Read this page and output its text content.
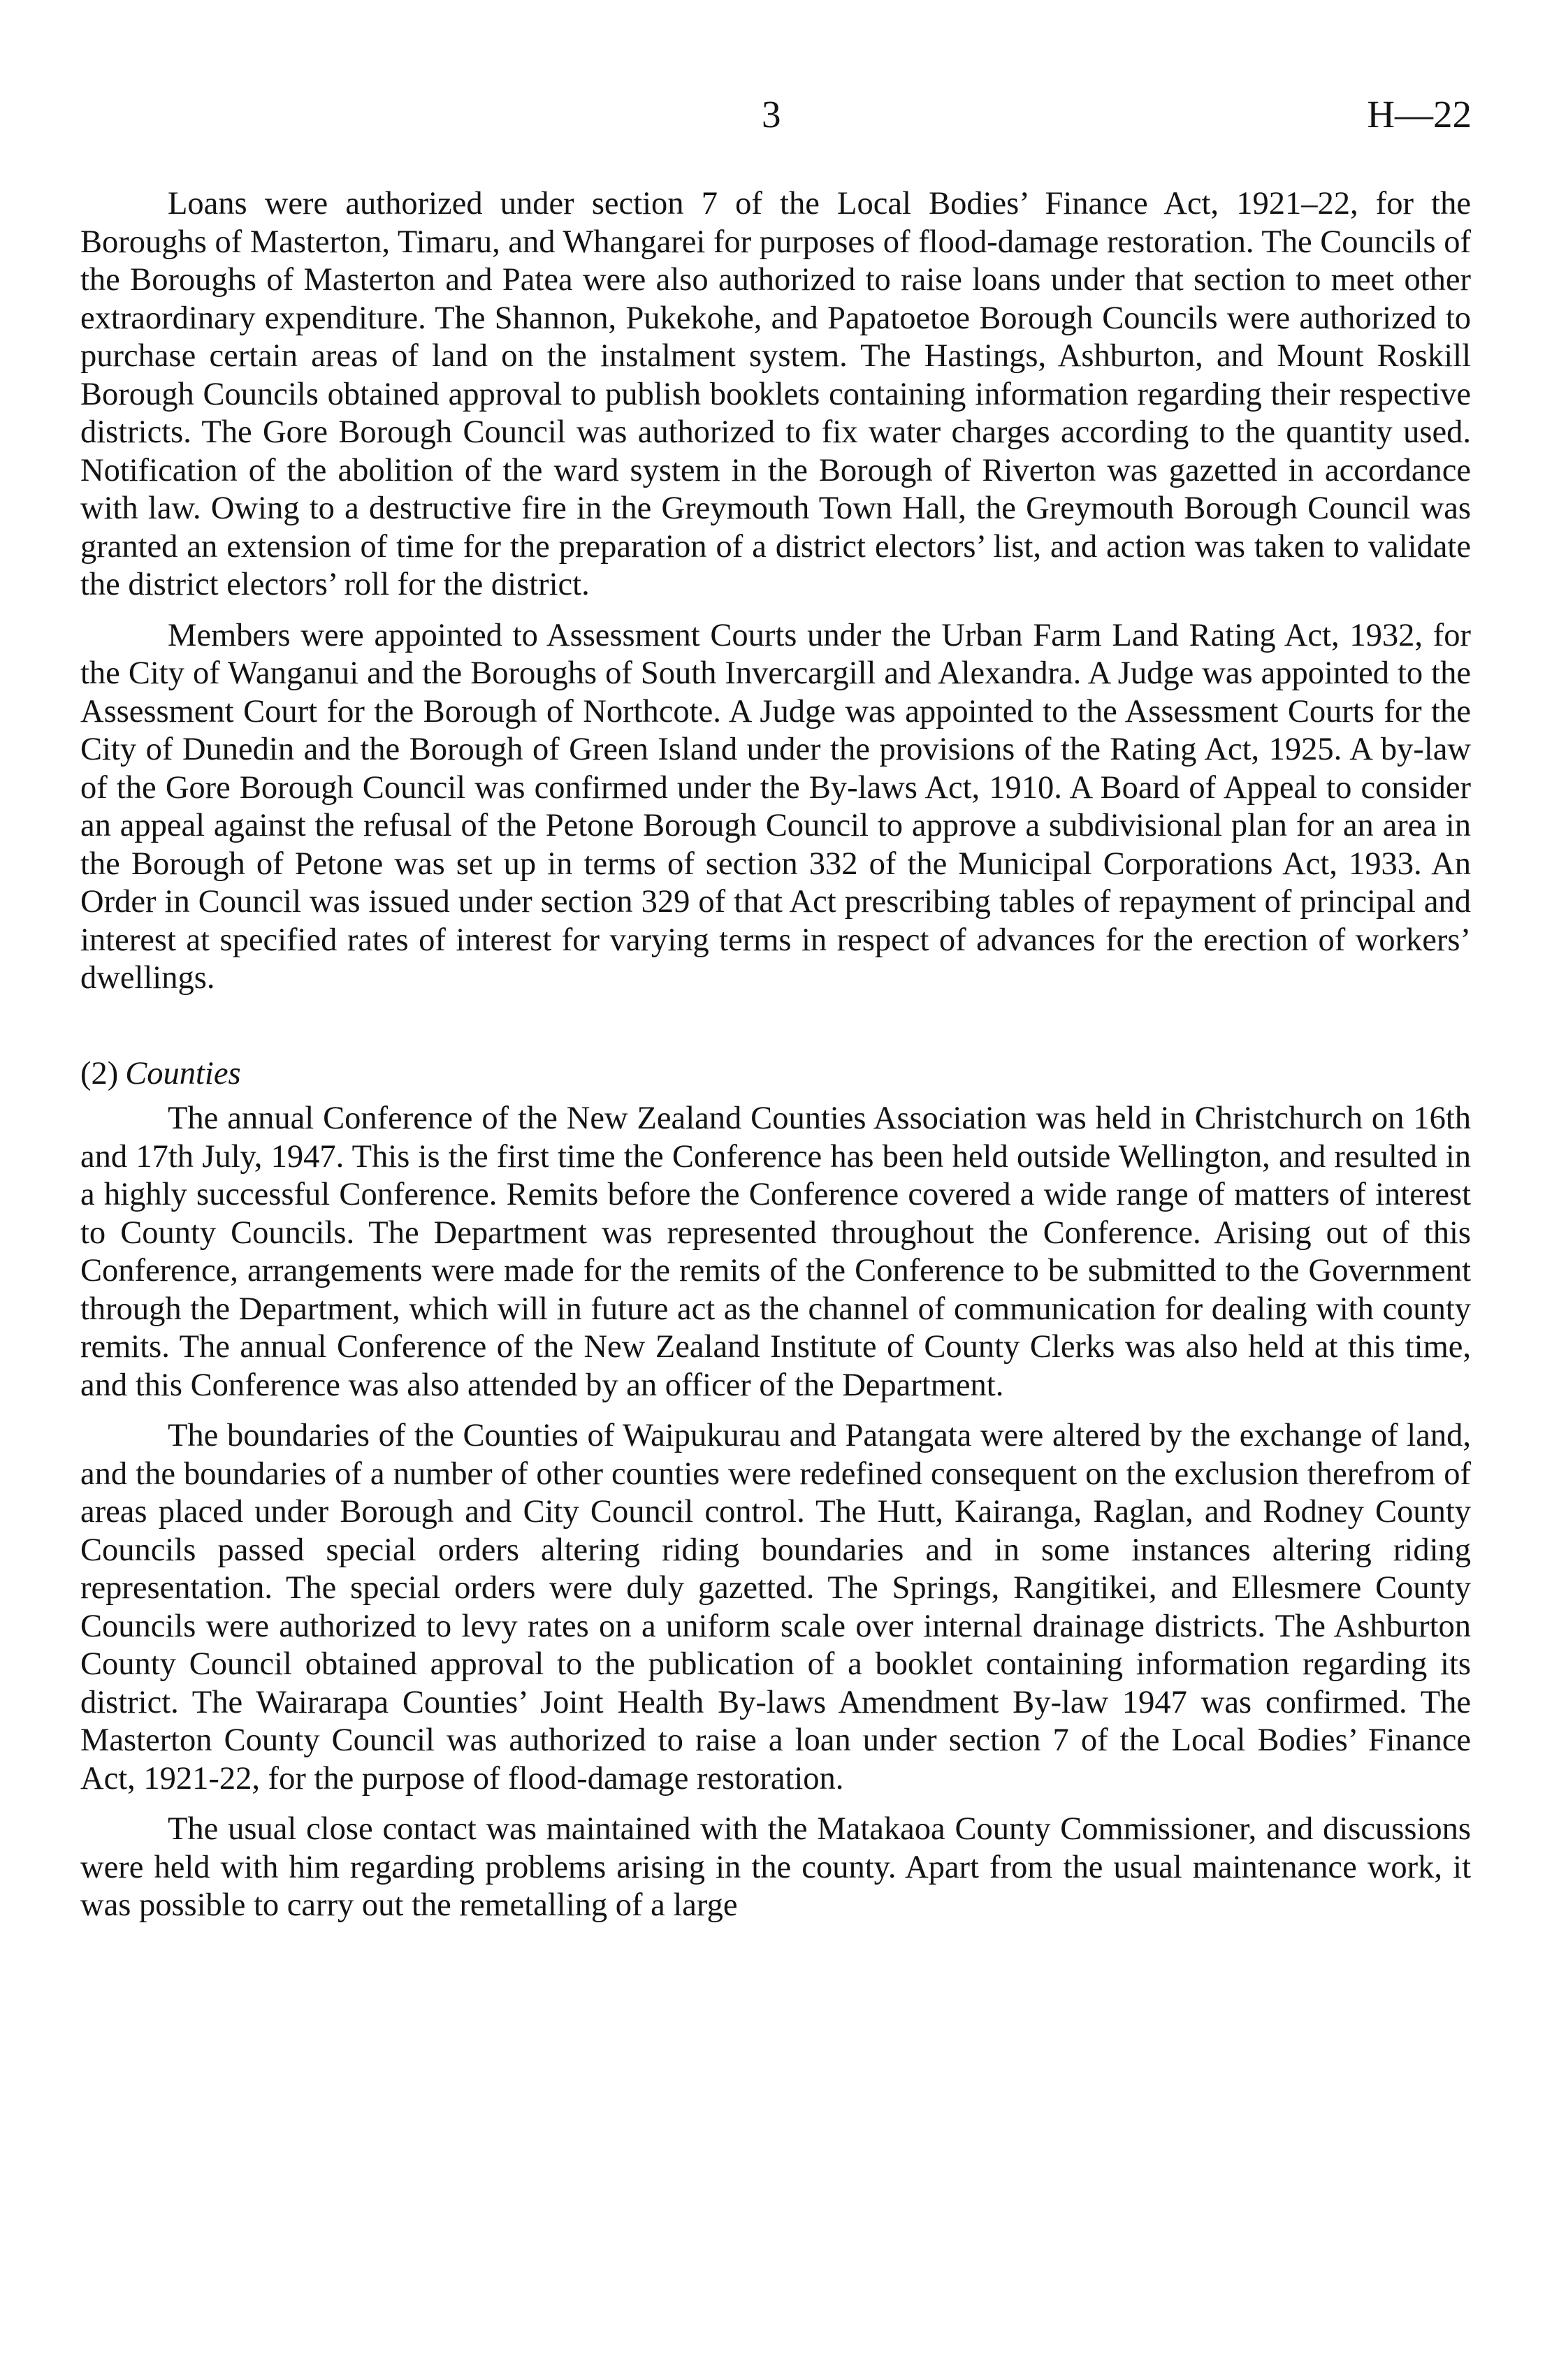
3	H—22

Loans were authorized under section 7 of the Local Bodies’ Finance Act, 1921–22, for the Boroughs of Masterton, Timaru, and Whangarei for purposes of flood-damage restoration. The Councils of the Boroughs of Masterton and Patea were also authorized to raise loans under that section to meet other extraordinary expenditure. The Shannon, Pukekohe, and Papatoetoe Borough Councils were authorized to purchase certain areas of land on the instalment system. The Hastings, Ashburton, and Mount Roskill Borough Councils obtained approval to publish booklets containing information regarding their respective districts. The Gore Borough Council was authorized to fix water charges according to the quantity used. Notification of the abolition of the ward system in the Borough of Riverton was gazetted in accordance with law. Owing to a destructive fire in the Greymouth Town Hall, the Greymouth Borough Council was granted an extension of time for the preparation of a district electors’ list, and action was taken to validate the district electors’ roll for the district.

Members were appointed to Assessment Courts under the Urban Farm Land Rating Act, 1932, for the City of Wanganui and the Boroughs of South Invercargill and Alexandra. A Judge was appointed to the Assessment Court for the Borough of Northcote. A Judge was appointed to the Assessment Courts for the City of Dunedin and the Borough of Green Island under the provisions of the Rating Act, 1925. A by-law of the Gore Borough Council was confirmed under the By-laws Act, 1910. A Board of Appeal to consider an appeal against the refusal of the Petone Borough Council to approve a subdivisional plan for an area in the Borough of Petone was set up in terms of section 332 of the Municipal Corporations Act, 1933. An Order in Council was issued under section 329 of that Act prescribing tables of repayment of principal and interest at specified rates of interest for varying terms in respect of advances for the erection of workers’ dwellings.

(2) Counties

The annual Conference of the New Zealand Counties Association was held in Christchurch on 16th and 17th July, 1947. This is the first time the Conference has been held outside Wellington, and resulted in a highly successful Conference. Remits before the Conference covered a wide range of matters of interest to County Councils. The Department was represented throughout the Conference. Arising out of this Conference, arrangements were made for the remits of the Conference to be submitted to the Government through the Department, which will in future act as the channel of communication for dealing with county remits. The annual Conference of the New Zealand Institute of County Clerks was also held at this time, and this Conference was also attended by an officer of the Department.

The boundaries of the Counties of Waipukurau and Patangata were altered by the exchange of land, and the boundaries of a number of other counties were redefined consequent on the exclusion therefrom of areas placed under Borough and City Council control. The Hutt, Kairanga, Raglan, and Rodney County Councils passed special orders altering riding boundaries and in some instances altering riding representation. The special orders were duly gazetted. The Springs, Rangitikei, and Ellesmere County Councils were authorized to levy rates on a uniform scale over internal drainage districts. The Ashburton County Council obtained approval to the publication of a booklet containing information regarding its district. The Wairarapa Counties’ Joint Health By-laws Amendment By-law 1947 was confirmed. The Masterton County Council was authorized to raise a loan under section 7 of the Local Bodies’ Finance Act, 1921-22, for the purpose of flood-damage restoration.

The usual close contact was maintained with the Matakaoa County Commissioner, and discussions were held with him regarding problems arising in the county. Apart from the usual maintenance work, it was possible to carry out the remetalling of a large
